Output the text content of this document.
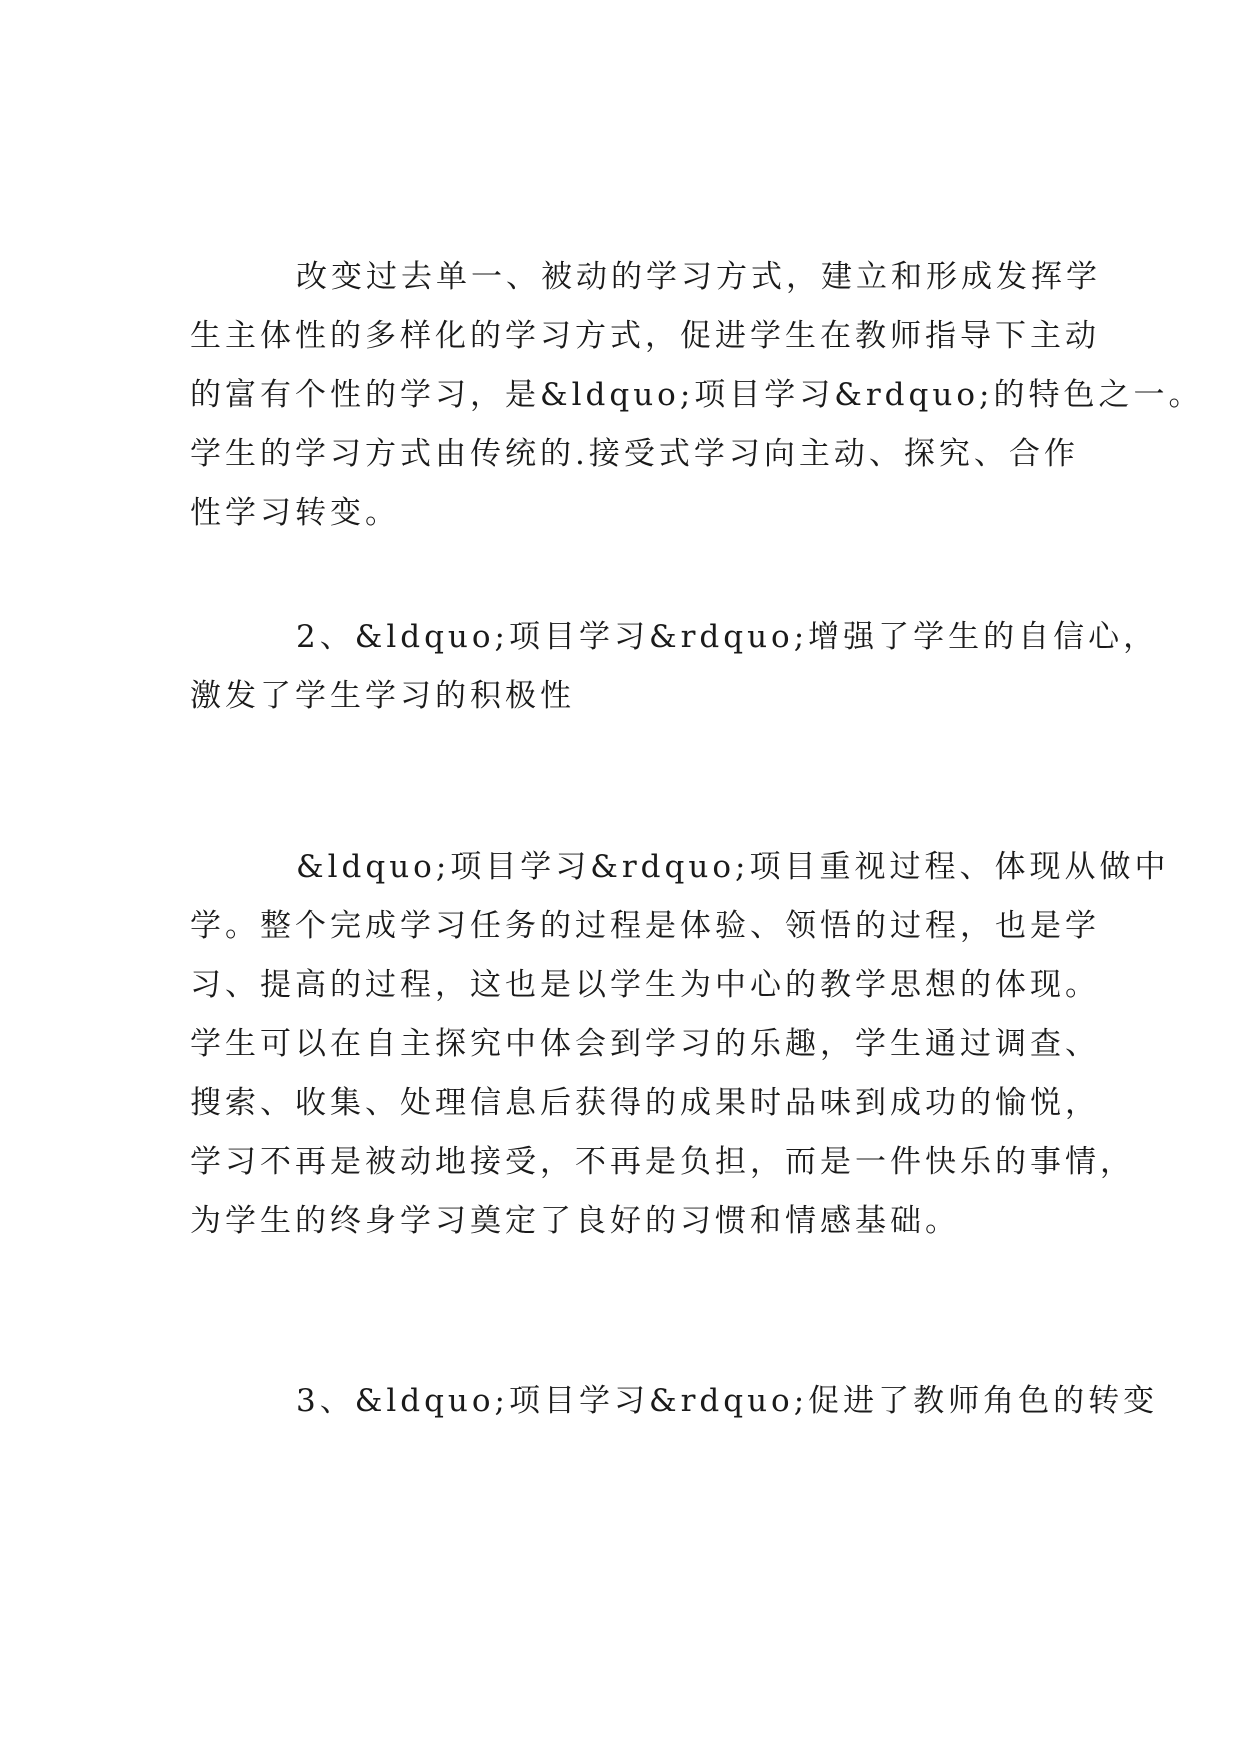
改变过去单一、被动的学习方式，建立和形成发挥学
生主体性的多样化的学习方式，促进学生在教师指导下主动
的富有个性的学习，是&ldquo;项目学习&rdquo;的特色之一。
学生的学习方式由传统的.接受式学习向主动、探究、合作
性学习转变。
2、&ldquo;项目学习&rdquo;增强了学生的自信心，
激发了学生学习的积极性
&ldquo;项目学习&rdquo;项目重视过程、体现从做中
学。整个完成学习任务的过程是体验、领悟的过程，也是学
习、提高的过程，这也是以学生为中心的教学思想的体现。
学生可以在自主探究中体会到学习的乐趣，学生通过调查、
搜索、收集、处理信息后获得的成果时品味到成功的愉悦，
学习不再是被动地接受，不再是负担，而是一件快乐的事情，
为学生的终身学习奠定了良好的习惯和情感基础。
3、&ldquo;项目学习&rdquo;促进了教师角色的转变
